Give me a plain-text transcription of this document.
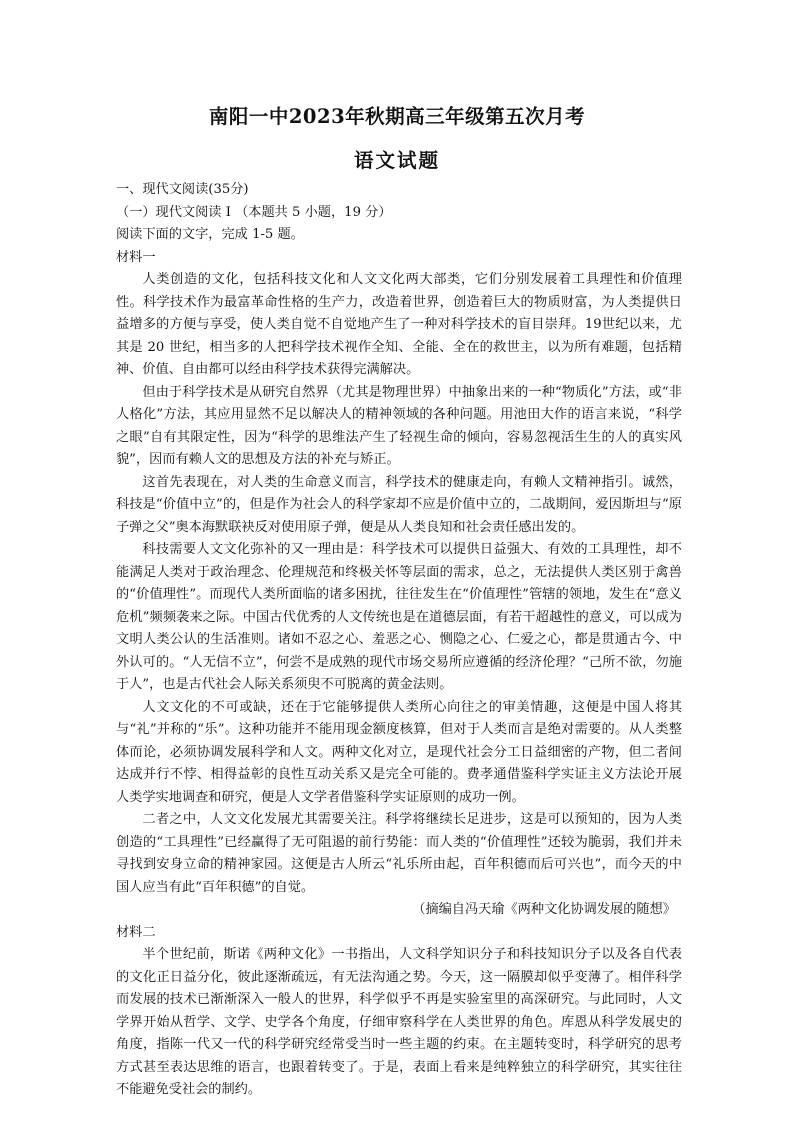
南阳一中2023年秋期高三年级第五次月考
语文试题

一、现代文阅读(35分)

（一）现代文阅读 I （本题共 5 小题，19 分）

阅读下面的文字，完成 1-5 题。

材料一

人类创造的文化，包括科技文化和人文文化两大部类，它们分别发展着工具理性和价值理性。科学技术作为最富革命性格的生产力，改造着世界，创造着巨大的物质财富，为人类提供日益增多的方便与享受，使人类自觉不自觉地产生了一种对科学技术的盲目崇拜。19世纪以来，尤其是 20 世纪，相当多的人把科学技术视作全知、全能、全在的救世主，以为所有难题，包括精神、价值、自由都可以经由科学技术获得完满解决。

但由于科学技术是从研究自然界（尤其是物理世界）中抽象出来的一种“物质化”方法，或“非人格化”方法，其应用显然不足以解决人的精神领域的各种问题。用池田大作的语言来说，“科学之眼”自有其限定性，因为“科学的思维法产生了轻视生命的倾向，容易忽视活生生的人的真实风貌”，因而有赖人文的思想及方法的补充与矫正。

这首先表现在，对人类的生命意义而言，科学技术的健康走向，有赖人文精神指引。诚然，科技是“价值中立”的，但是作为社会人的科学家却不应是价值中立的，二战期间，爱因斯坦与“原子弹之父”奥本海默联袂反对使用原子弹，便是从人类良知和社会责任感出发的。

科技需要人文文化弥补的又一理由是：科学技术可以提供日益强大、有效的工具理性，却不能满足人类对于政治理念、伦理规范和终极关怀等层面的需求，总之，无法提供人类区别于禽兽的“价值理性”。而现代人类所面临的诸多困扰，往往发生在“价值理性”管辖的领地，发生在“意义危机”频频袭来之际。中国古代优秀的人文传统也是在道德层面，有若干超越性的意义，可以成为文明人类公认的生活准则。诸如不忍之心、羞恶之心、恻隐之心、仁爱之心，都是贯通古今、中外认可的。“人无信不立”，何尝不是成熟的现代市场交易所应遵循的经济伦理？“己所不欲，勿施于人”，也是古代社会人际关系须臾不可脱离的黄金法则。

人文文化的不可或缺，还在于它能够提供人类所心向往之的审美情趣，这便是中国人将其与“礼”并称的“乐”。这种功能并不能用现金额度核算，但对于人类而言是绝对需要的。从人类整体而论，必须协调发展科学和人文。两种文化对立，是现代社会分工日益细密的产物，但二者间达成并行不悖、相得益彰的良性互动关系又是完全可能的。费孝通借鉴科学实证主义方法论开展人类学实地调查和研究，便是人文学者借鉴科学实证原则的成功一例。

二者之中，人文文化发展尤其需要关注。科学将继续长足进步，这是可以预知的，因为人类创造的“工具理性”已经赢得了无可阻遏的前行势能：而人类的“价值理性”还较为脆弱，我们并未寻找到安身立命的精神家园。这便是古人所云“礼乐所由起，百年积德而后可兴也”，而今天的中国人应当有此“百年积德”的自觉。

（摘编自冯天瑜《两种文化协调发展的随想》

材料二

半个世纪前，斯诺《两种文化》一书指出，人文科学知识分子和科技知识分子以及各自代表的文化正日益分化，彼此逐渐疏远，有无法沟通之势。今天，这一隔膜却似乎变薄了。相伴科学而发展的技术已渐渐深入一般人的世界，科学似乎不再是实验室里的高深研究。与此同时，人文学界开始从哲学、文学、史学各个角度，仔细审察科学在人类世界的角色。库恩从科学发展史的角度，指陈一代又一代的科学研究经常受当时一些主题的约束。在主题转变时，科学研究的思考方式甚至表达思维的语言，也跟着转变了。于是，表面上看来是纯粹独立的科学研究，其实往往不能避免受社会的制约。
